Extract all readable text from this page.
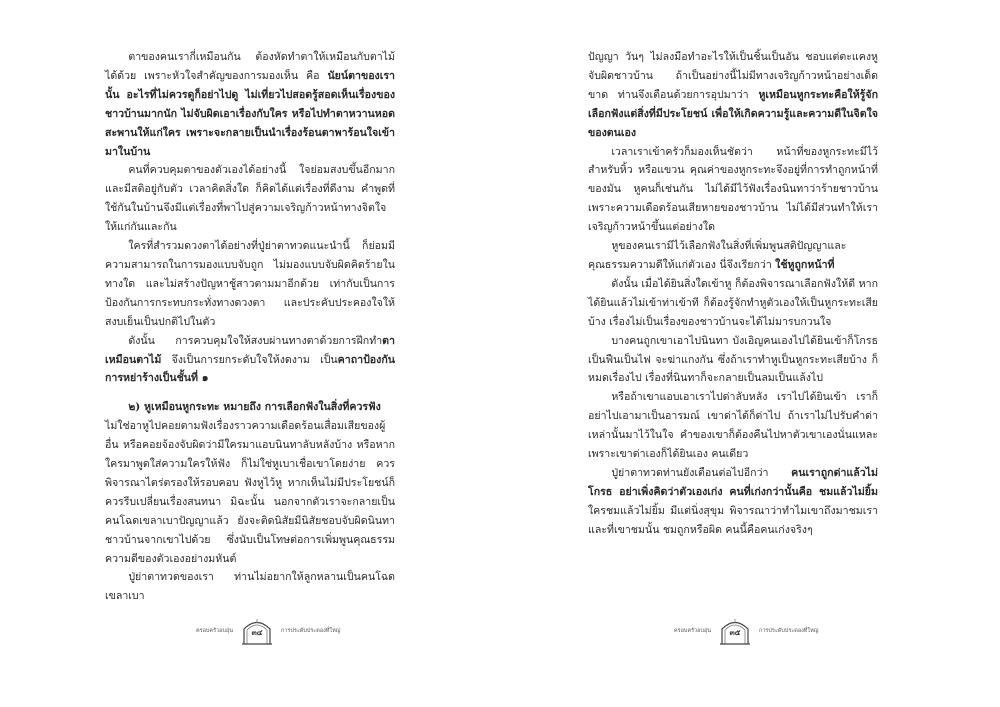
ตาของคนเรากี่เหมือนกัน ต้องหัดทำตาให้เหมือนกับตาไม้ได้ด้วย เพราะหัวใจสำคัญของการมองเห็น คือ นัยน์ตาของเรานั้น อะไรที่ไม่ควรดูก็อย่าไปดู ไม่เที่ยวไปสอดรู้สอดเห็นเรื่องของชาวบ้านมากนัก ไม่จับผิดเอาเรื่องกับใคร หรือไปทำตาหวานหอดสะพานให้แก่ใคร เพราะจะกลายเป็นนำเรื่องร้อนตาพาร้อนใจเข้ามาในบ้าน

คนที่ควบคุมตาของตัวเองได้อย่างนี้ ใจย่อมสงบขึ้นอีกมาก และมีสติอยู่กับตัว เวลาคิดสิ่งใด ก็คิดได้แต่เรื่องที่ดีงาม คำพูดที่ใช้กันในบ้านจึงมีแต่เรื่องที่พาไปสู่ความเจริญก้าวหน้าทางจิตใจให้แก่กันและกัน

ใครที่สำรวมดวงตาได้อย่างที่ปู่ย่าตาทวดแนะนำนี้ ก็ย่อมมีความสามารถในการมองแบบจับถูก ไม่มองแบบจับผิดคิดร้ายในทางใด และไม่สร้างปัญหาชู้สาวตามมาอีกด้วย เท่ากับเป็นการป้องกันการกระทบกระทั่งทางดวงตา และประคับประคองใจให้สงบเย็นเป็นปกติไปในตัว

ดังนั้น การควบคุมใจให้สงบผ่านทางตาด้วยการฝึกทำตาเหมือนตาไม้ จึงเป็นการยกระดับใจให้งดงาม เป็นคาถาป้องกันการหย่าร้างเป็นชั้นที่ ๑

๒) หูเหมือนหูกระทะ หมายถึง การเลือกฟังในสิ่งที่ควรฟัง

ไม่ใช่อาหูไปคอยตามฟังเรื่องราวความเดือดร้อนเสื่อมเสียของผู้อื่น หรือคอยจ้องจับผิดว่ามีใครมาแอบนินทาลับหลังบ้าง หรือหากใครมาพูดใส่ความใครให้ฟัง ก็ไม่ใช่หูเบาเชื่อเขาโดยง่าย ควรพิจารณาไตร่ตรองให้รอบคอบ ฟังหูไว้หู หากเห็นไม่มีประโยชน์ก็ควรรีบเปลี่ยนเรื่องสนทนา มิฉะนั้น นอกจากตัวเราจะกลายเป็นคนโฉดเขลาเบาปัญญาแล้ว ยังจะติดนิสัยมีนิสัยชอบจับผิดนินทาชาวบ้านจากเขาไปด้วย ซึ่งนับเป็นโทษต่อการเพิ่มพูนคุณธรรมความดีของตัวเองอย่างมหันต์

ปู่ย่าตาทวดของเรา ท่านไม่อยากให้ลูกหลานเป็นคนโฉดเขลาเบา

ครอบครัวอบอุ่น ๓๔	การประดับประดองที่ใหญ่

ปัญญา วันๆ ไม่ลงมือทำอะไรให้เป็นชิ้นเป็นอัน ชอบแต่ตะแคงหูจับผิดชาวบ้าน ถ้าเป็นอย่างนี้ไม่มีทางเจริญก้าวหน้าอย่างเด็ดขาด ท่านจึงเตือนด้วยการอุปมาว่า หูเหมือนหูกระทะคือให้รู้จักเลือกฟังแต่สิ่งที่มีประโยชน์ เพื่อให้เกิดความรู้และความดีในจิตใจของตนเอง

เวลาเราเข้าครัวก็มองเห็นชัดว่า หน้าที่ของหูกระทะมีไว้สำหรับหิ้ว หรือแขวน คุณค่าของหูกระทะจึงอยู่ที่การทำถูกหน้าที่ของมัน หูคนก็เช่นกัน ไม่ได้มีไว้ฟังเรื่องนินทาว่าร้ายชาวบ้าน เพราะความเดือดร้อนเสียหายของชาวบ้าน ไม่ได้มีส่วนทำให้เราเจริญก้าวหน้าขึ้นแต่อย่างใด

หูของคนเรามีไว้เลือกฟังในสิ่งที่เพิ่มพูนสติปัญญาและคุณธรรมความดีให้แก่ตัวเอง นี่จึงเรียกว่า ใช้หูถูกหน้าที่

ดังนั้น เมื่อได้ยินสิ่งใดเข้าหู ก็ต้องพิจารณาเลือกฟังให้ดี หากได้ยินแล้วไม่เข้าท่าเข้าที ก็ต้องรู้จักทำหูตัวเองให้เป็นหูกระทะเสียบ้าง เรื่องไม่เป็นเรื่องของชาวบ้านจะได้ไม่มารบกวนใจ

บางคนถูกเขาเอาไปนินทา บังเอิญคนเองไปได้ยินเข้าก็โกรธเป็นฟืนเป็นไฟ จะฆ่าแกงกัน ซึ่งถ้าเราทำหูเป็นหูกระทะเสียบ้าง ก็หมดเรื่องไป เรื่องที่นินทาก็จะกลายเป็นลมเป็นแล้งไป

หรือถ้าเขาแอบเอาเราไปด่าลับหลัง เราไปได้ยินเข้า เราก็อย่าไปเอามาเป็นอารมณ์ เขาด่าได้ก็ด่าไป ถ้าเราไม่ไปรับคำด่าเหล่านั้นมาไว้ในใจ คำของเขาก็ต้องคืนไปหาตัวเขาเองนั่นแหละ เพราะเขาด่าเองก็ได้ยินเอง คนเดียว

ปู่ย่าตาทวดท่านยังเตือนต่อไปอีกว่า คนเราถูกด่าแล้วไม่โกรธ อย่าเพิ่งคิดว่าตัวเองเก่ง คนที่เก่งกว่านั้นคือ ชมแล้วไม่ยิ้ม ใครชมแล้วไม่ยิ้ม มีแต่นิ่งสุขุม พิจารณาว่าทำไมเขาถึงมาชมเราและที่เขาชมนั้น ชมถูกหรือผิด คนนี้คือคนเก่งจริงๆ

ครอบครัวอบอุ่น ๓๕	การประดับประดองที่ใหญ่
